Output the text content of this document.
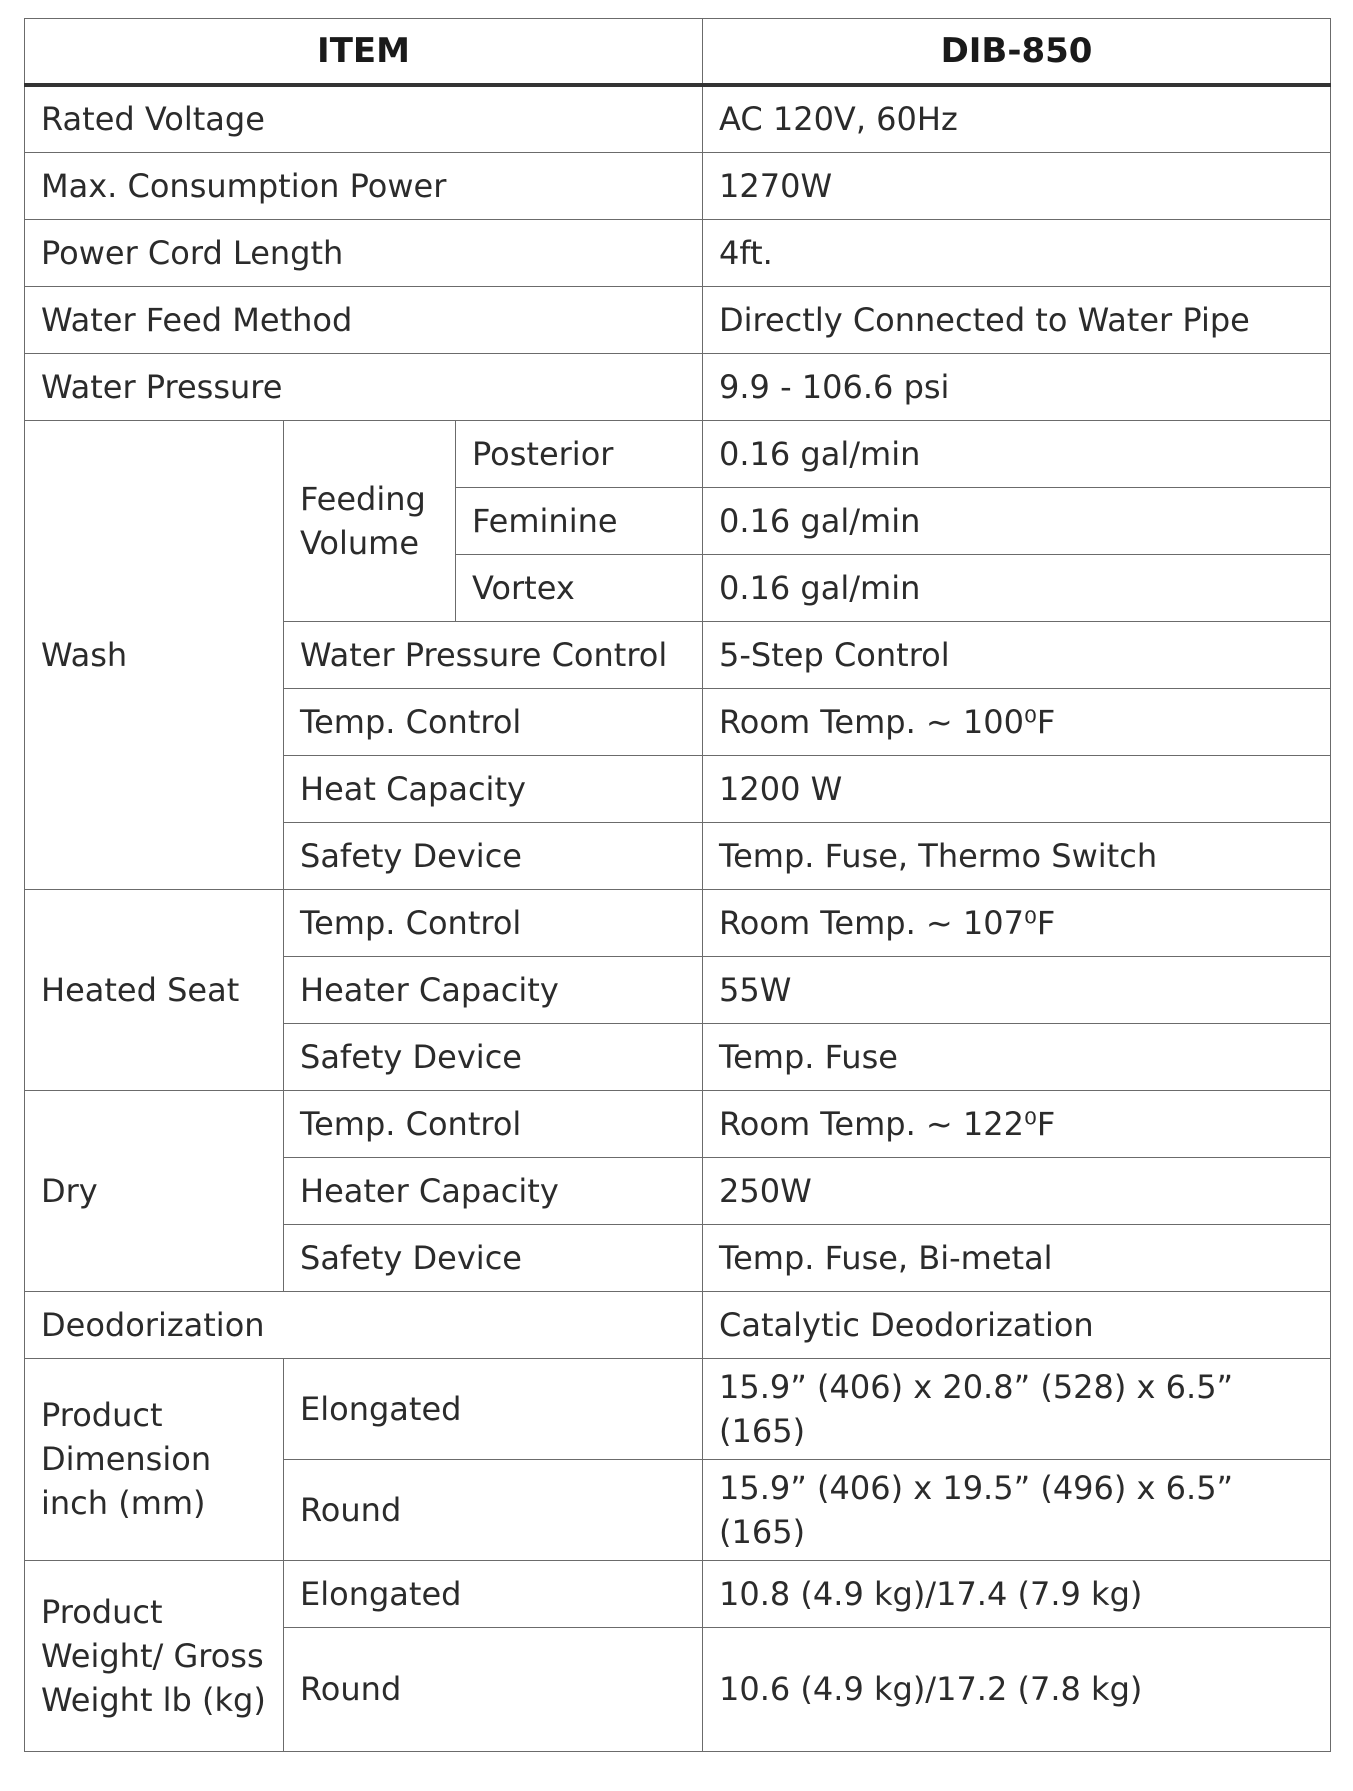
ITEM			DIB-850
Rated Voltage			AC 120V, 60Hz
Max. Consumption Power			1270W
Power Cord Length			4ft.
Water Feed Method			Directly Connected to Water Pipe
Water Pressure			9.9 - 106.6 psi
Wash	Feeding Volume	Posterior	0.16 gal/min
		Feminine	0.16 gal/min
		Vortex	0.16 gal/min
	Water Pressure Control		5-Step Control
	Temp. Control		Room Temp. ~ 100⁰F
	Heat Capacity		1200 W
	Safety Device		Temp. Fuse, Thermo Switch
Heated Seat	Temp. Control		Room Temp. ~ 107⁰F
	Heater Capacity		55W
	Safety Device		Temp. Fuse
Dry	Temp. Control		Room Temp. ~ 122⁰F
	Heater Capacity		250W
	Safety Device		Temp. Fuse, Bi-metal
Deodorization			Catalytic Deodorization
Product Dimension inch (mm)	Elongated		15.9” (406) x 20.8” (528) x 6.5” (165)
	Round		15.9” (406) x 19.5” (496) x 6.5” (165)
Product Weight/ Gross Weight lb (kg)	Elongated		10.8 (4.9 kg)/17.4 (7.9 kg)
	Round		10.6 (4.9 kg)/17.2 (7.8 kg)
